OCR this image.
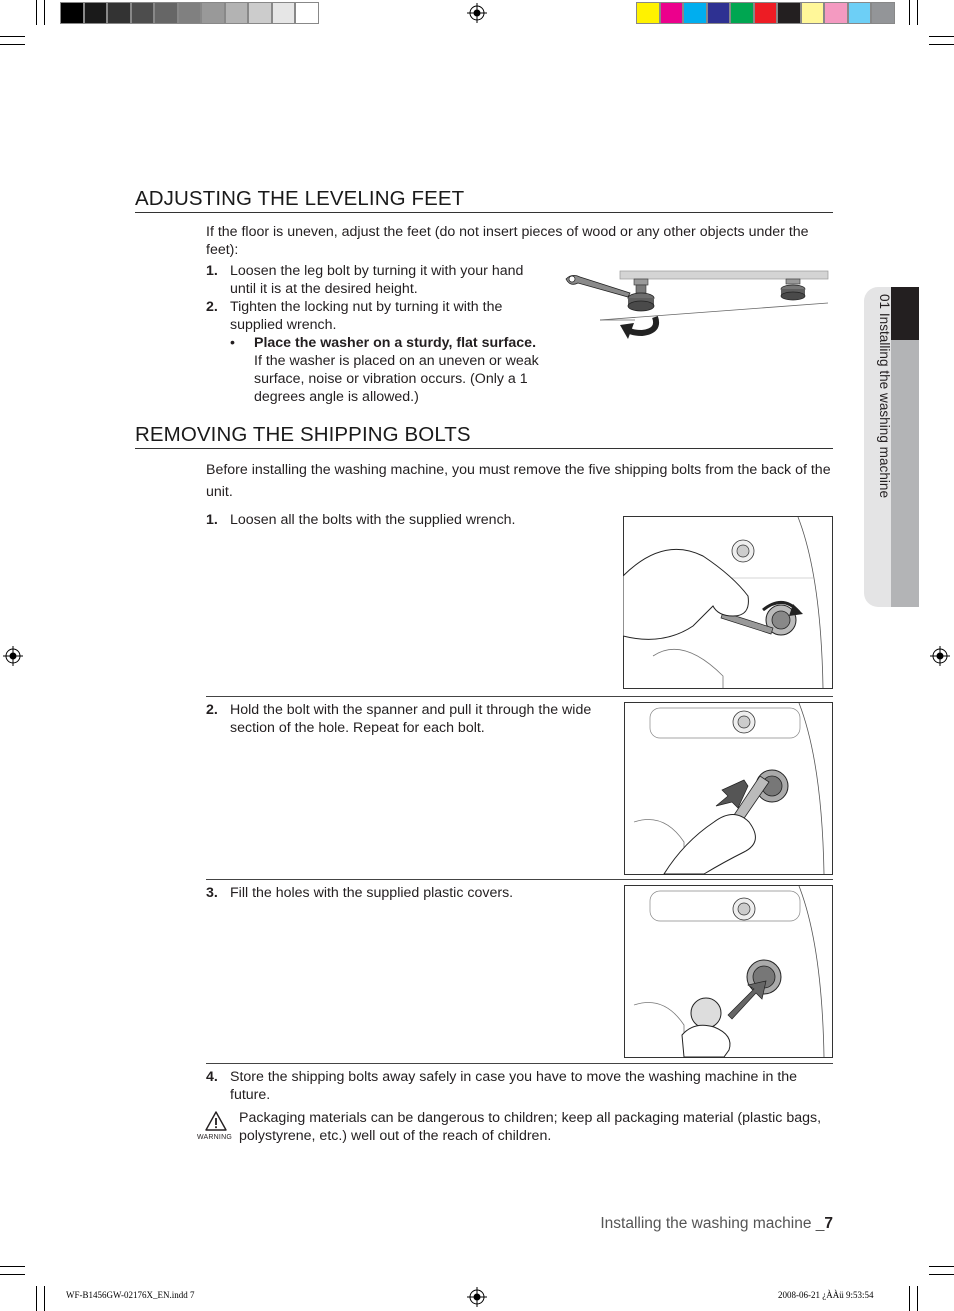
01 Installing the washing machine
ADJUSTING THE LEVELING FEET
If the floor is uneven, adjust the feet (do not insert pieces of wood or any other objects under the feet):
1. Loosen the leg bolt by turning it with your hand until it is at the desired height.
2. Tighten the locking nut by turning it with the supplied wrench.
• Place the washer on a sturdy, flat surface.
If the washer is placed on an uneven or weak surface, noise or vibration occurs. (Only a 1 degrees angle is allowed.)
REMOVING THE SHIPPING BOLTS
Before installing the washing machine, you must remove the five shipping bolts from the back of the unit.
1. Loosen all the bolts with the supplied wrench.
2. Hold the bolt with the spanner and pull it through the wide section of the hole. Repeat for each bolt.
3. Fill the holes with the supplied plastic covers.
4. Store the shipping bolts away safely in case you have to move the washing machine in the future.
WARNING
Packaging materials can be dangerous to children; keep all packaging material (plastic bags, polystyrene, etc.) well out of the reach of children.
Installing the washing machine _7
WF-B1456GW-02176X_EN.indd 7	2008-06-21 ¿ÀÀü 9:53:54
